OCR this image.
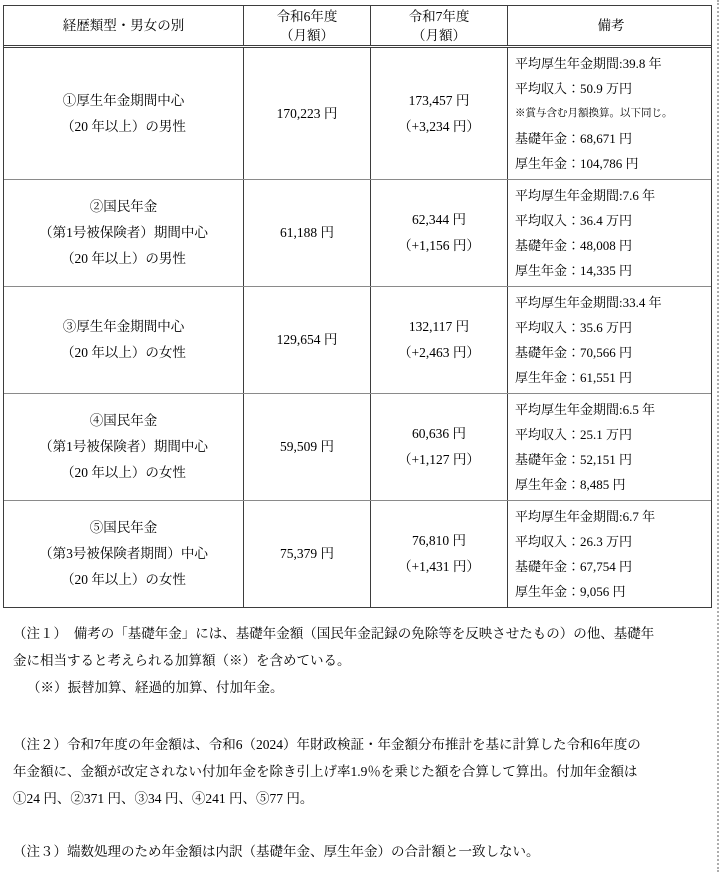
経歴類型・男女の別
令和6年度
（月額）
令和7年度
（月額）
備考
①厚生年金期間中心
（20 年以上）の男性
170,223 円
173,457 円
（+3,234 円）
平均厚生年金期間:39.8 年
平均収入：50.9 万円
※賞与含む月額換算。以下同じ。
基礎年金：68,671 円
厚生年金：104,786 円
②国民年金
（第1号被保険者）期間中心
（20 年以上）の男性
61,188 円
62,344 円
（+1,156 円）
平均厚生年金期間:7.6 年
平均収入：36.4 万円
基礎年金：48,008 円
厚生年金：14,335 円
③厚生年金期間中心
（20 年以上）の女性
129,654 円
132,117 円
（+2,463 円）
平均厚生年金期間:33.4 年
平均収入：35.6 万円
基礎年金：70,566 円
厚生年金：61,551 円
④国民年金
（第1号被保険者）期間中心
（20 年以上）の女性
59,509 円
60,636 円
（+1,127 円）
平均厚生年金期間:6.5 年
平均収入：25.1 万円
基礎年金：52,151 円
厚生年金：8,485 円
⑤国民年金
（第3号被保険者期間）中心
（20 年以上）の女性
75,379 円
76,810 円
（+1,431 円）
平均厚生年金期間:6.7 年
平均収入：26.3 万円
基礎年金：67,754 円
厚生年金：9,056 円
（注１）　備考の「基礎年金」には、基礎年金額（国民年金記録の免除等を反映させたもの）の他、基礎年
金に相当すると考えられる加算額（※）を含めている。
（※）振替加算、経過的加算、付加年金。
（注２）令和7年度の年金額は、令和6（2024）年財政検証・年金額分布推計を基に計算した令和6年度の
年金額に、金額が改定されない付加年金を除き引上げ率1.9％を乗じた額を合算して算出。付加年金額は
①24 円、②371 円、③34 円、④241 円、⑤77 円。
（注３）端数処理のため年金額は内訳（基礎年金、厚生年金）の合計額と一致しない。
